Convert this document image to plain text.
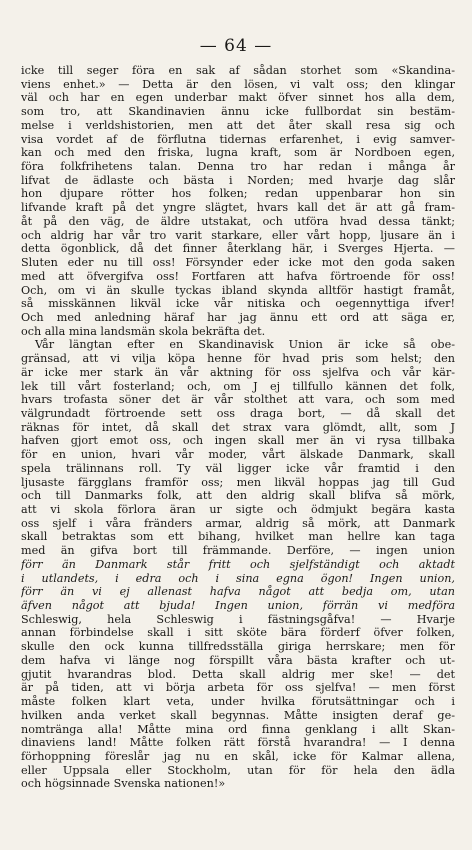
— 64 —
icke till seger föra en sak af sådan storhet som «Skandina-
viens enhet.» — Detta är den lösen, vi valt oss; den klingar
väl och har en egen underbar makt öfver sinnet hos alla dem,
som tro, att Skandinavien ännu icke fullbordat sin bestäm-
melse i verldshistorien, men att det åter skall resa sig och
visa vordet af de förflutna tidernas erfarenhet, i evig samver-
kan och med den friska, lugna kraft, som är Nordboen egen,
föra folkfrihetens talan. Denna tro har redan i många år
lifvat de ädlaste och bästa i Norden; med hvarje dag slår
hon djupare rötter hos folken; redan uppenbarar hon sin
lifvande kraft på det yngre slägtet, hvars kall det är att gå fram-
åt på den väg, de äldre utstakat, och utföra hvad dessa tänkt;
och aldrig har vår tro varit starkare, eller vårt hopp, ljusare än i
detta ögonblick, då det finner återklang här, i Sverges Hjerta. —
Sluten eder nu till oss! Försynder eder icke mot den goda saken
med att öfvergifva oss! Fortfaren att hafva förtroende för oss!
Och, om vi än skulle tyckas ibland skynda alltför hastigt framåt,
så misskännen likväl icke vår nitiska och oegennyttiga ifver!
Och med anledning häraf har jag ännu ett ord att säga er,
och alla mina landsmän skola bekräfta det.
Vår längtan efter en Skandinavisk Union är icke så obe-
gränsad, att vi vilja köpa henne för hvad pris som helst; den
är icke mer stark än vår aktning för oss sjelfva och vår kär-
lek till vårt fosterland; och, om J ej tillfullo kännen det folk,
hvars trofasta söner det är vår stolthet att vara, och som med
välgrundadt förtroende sett oss draga bort, — då skall det
räknas för intet, då skall det strax vara glömdt, allt, som J
hafven gjort emot oss, och ingen skall mer än vi rysa tillbaka
för en union, hvari vår moder, vårt älskade Danmark, skall
spela trälinnans roll. Ty väl ligger icke vår framtid i den
ljusaste färgglans framför oss; men likväl hoppas jag till Gud
och till Danmarks folk, att den aldrig skall blifva så mörk,
att vi skola förlora äran ur sigte och ödmjukt begära kasta
oss sjelf i våra fränders armar, aldrig så mörk, att Danmark
skall betraktas som ett bihang, hvilket man hellre kan taga
med än gifva bort till främmande. Derföre, — ingen union
förr än Danmark står fritt och sjelfständigt och aktadt
i utlandets, i edra och i sina egna ögon! Ingen union,
förr än vi ej allenast hafva något att bedja om, utan
äfven något att bjuda! Ingen union, förrän vi medföra
Schleswig, hela Schleswig i fästningsgåfva! — Hvarje
annan förbindelse skall i sitt sköte bära förderf öfver folken,
skulle den ock kunna tillfredsställa giriga herrskare; men för
dem hafva vi länge nog förspillt våra bästa krafter och ut-
gjutit hvarandras blod. Detta skall aldrig mer ske! — det
är på tiden, att vi börja arbeta för oss sjelfva! — men först
måste folken klart veta, under hvilka förutsättningar och i
hvilken anda verket skall begynnas. Måtte insigten deraf ge-
nomtränga alla! Måtte mina ord finna genklang i allt Skan-
dinaviens land! Måtte folken rätt förstå hvarandra! — I denna
förhoppning föreslår jag nu en skål, icke för Kalmar allena,
eller Uppsala eller Stockholm, utan för för hela den ädla
och högsinnade Svenska nationen!»
